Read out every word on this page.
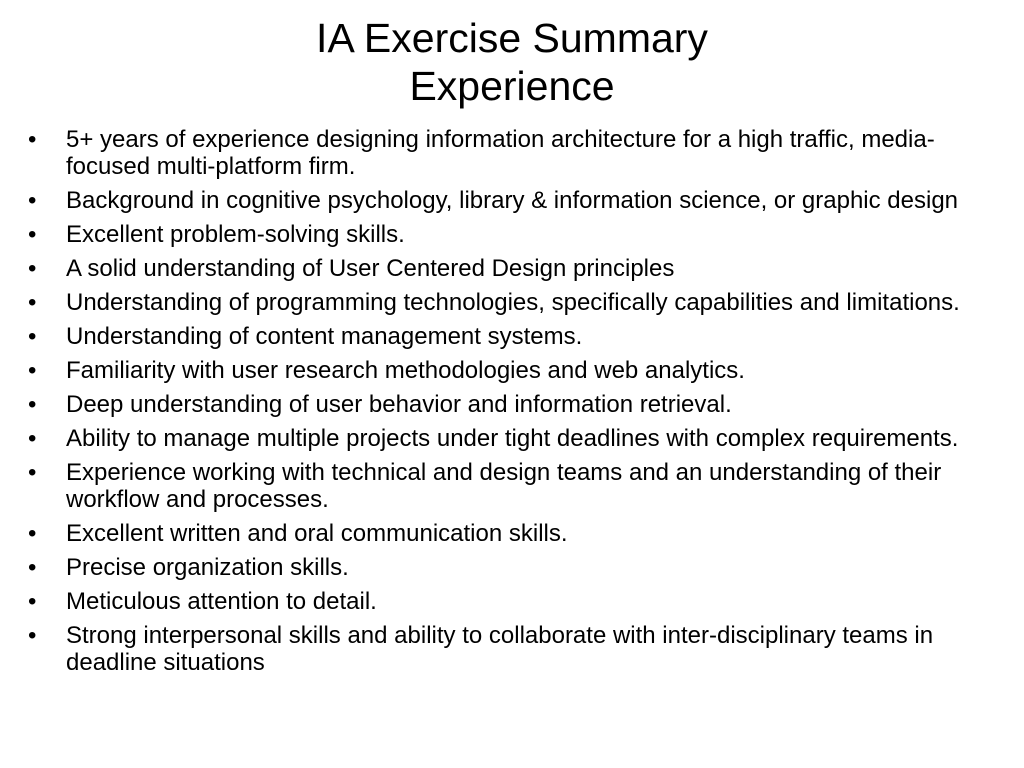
IA Exercise Summary
Experience
•	5+ years of experience designing information architecture for a high traffic, media-focused multi-platform firm.
•	Background in cognitive psychology, library & information science, or graphic design
•	Excellent problem-solving skills.
•	A solid understanding of User Centered Design principles
•	Understanding of programming technologies, specifically capabilities and limitations.
•	Understanding of content management systems.
•	Familiarity with user research methodologies and web analytics.
•	Deep understanding of user behavior and information retrieval.
•	Ability to manage multiple projects under tight deadlines with complex requirements.
•	Experience working with technical and design teams and an understanding of their workflow and processes.
•	Excellent written and oral communication skills.
•	Precise organization skills.
•	Meticulous attention to detail.
•	Strong interpersonal skills and ability to collaborate with inter-disciplinary teams in deadline situations
